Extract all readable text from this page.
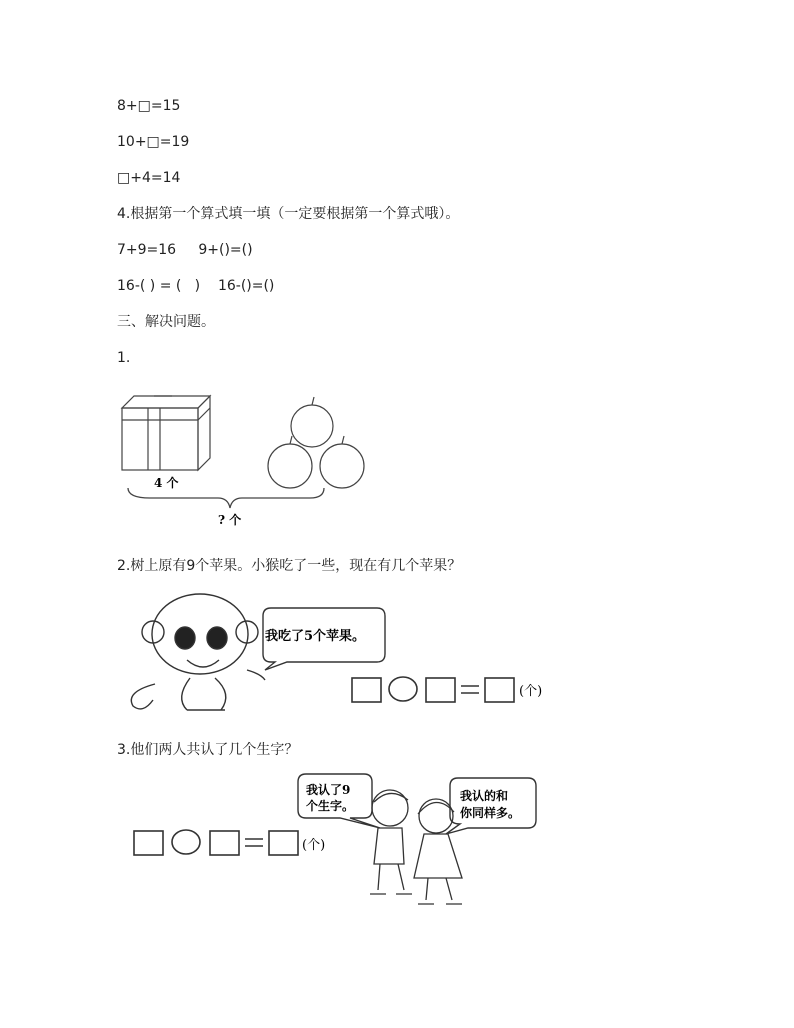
8+□=15
10+□=19
□+4=14
4.根据第一个算式填一填（一定要根据第一个算式哦）。
7+9=16     9+()=()
16-( ) = (   )    16-()=()
三、解决问题。
1.
4 个
? 个
2.树上原有9个苹果。小猴吃了一些，现在有几个苹果？
我吃了5个苹果。
(个)
3.他们两人共认了几个生字？
(个)
我认了9
个生字。
我认的和
你同样多。
